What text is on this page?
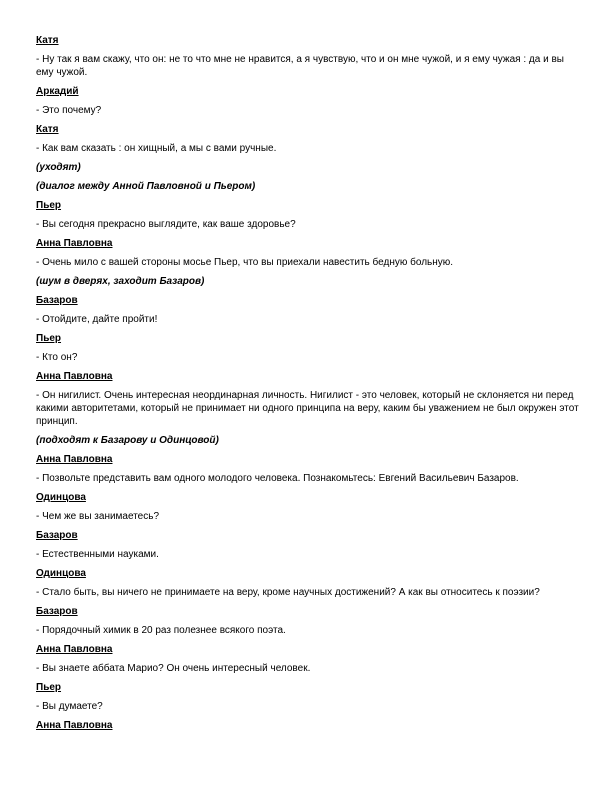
Катя
- Ну так я вам скажу, что он: не то что мне не нравится, а я чувствую, что и он мне чужой, и я ему чужая : да и вы ему чужой.
Аркадий
- Это почему?
Катя
- Как вам сказать : он хищный, а мы с вами ручные.
(уходят)
(диалог между Анной Павловной и Пьером)
Пьер
- Вы сегодня прекрасно выглядите, как ваше здоровье?
Анна Павловна
- Очень мило с вашей стороны мосье Пьер, что вы приехали навестить бедную больную.
(шум в дверях, заходит Базаров)
Базаров
- Отойдите, дайте пройти!
Пьер
- Кто он?
Анна Павловна
- Он нигилист. Очень интересная неординарная личность. Нигилист - это человек, который не склоняется ни перед какими авторитетами, который не принимает ни одного принципа на веру, каким бы уважением не был окружен этот принцип.
(подходят к Базарову и Одинцовой)
Анна Павловна
- Позвольте представить вам одного молодого человека. Познакомьтесь: Евгений Васильевич Базаров.
Одинцова
- Чем же вы занимаетесь?
Базаров
- Естественными науками.
Одинцова
- Стало быть, вы ничего не принимаете на веру, кроме научных достижений? А как вы относитесь к поэзии?
Базаров
- Порядочный химик в 20 раз полезнее всякого поэта.
Анна Павловна
- Вы знаете аббата Марио? Он очень интересный человек.
Пьер
- Вы думаете?
Анна Павловна
